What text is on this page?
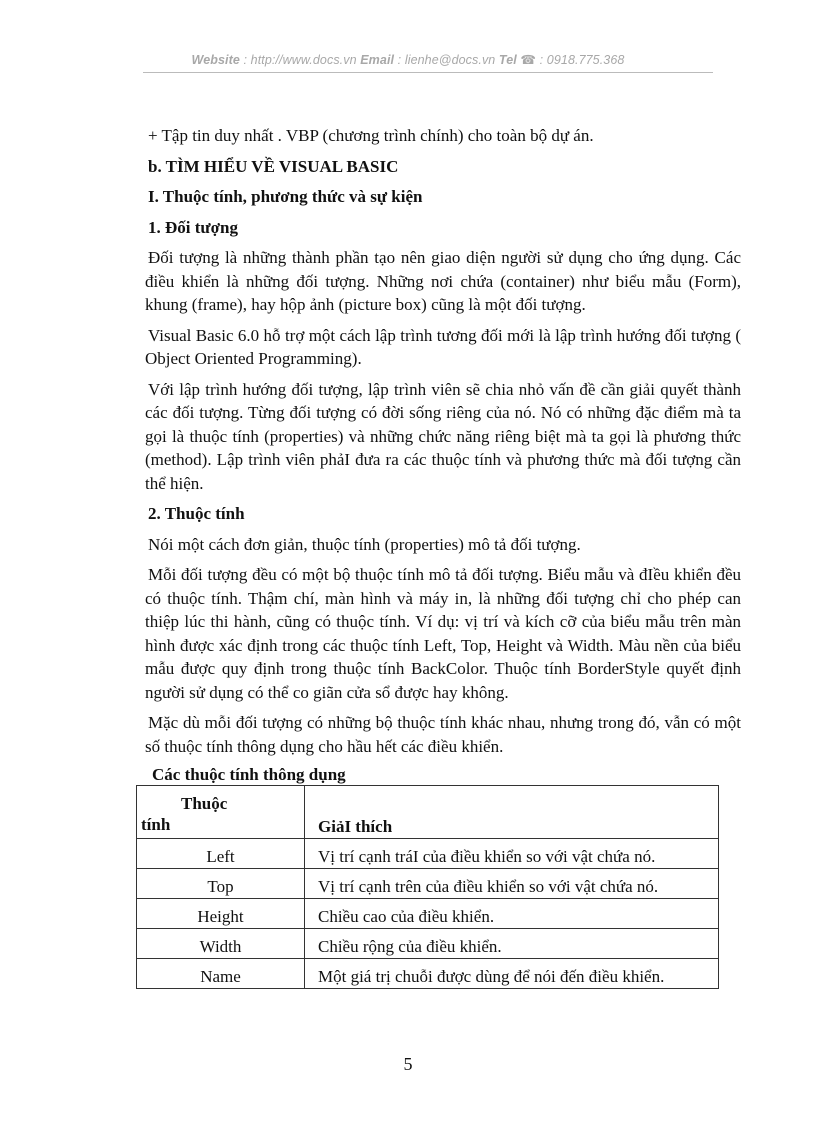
Website : http://www.docs.vn Email : lienhe@docs.vn Tel ☎ : 0918.775.368
+ Tập tin duy nhất . VBP (chương trình chính) cho toàn bộ dự án.
b. TÌM HIỂU VỀ VISUAL BASIC
I. Thuộc tính, phương thức và sự kiện
1. Đối tượng
Đối tượng là những thành phần tạo nên giao diện người sử dụng cho ứng dụng. Các điều khiển là những đối tượng. Những nơi chứa (container) như biểu mẫu (Form), khung (frame), hay hộp ảnh (picture box) cũng là một đối tượng.
Visual Basic 6.0 hỗ trợ một cách lập trình tương đối mới là lập trình hướng đối tượng ( Object Oriented Programming).
Với lập trình hướng đối tượng, lập trình viên sẽ chia nhỏ vấn đề cần giải quyết thành các đối tượng. Từng đối tượng có đời sống riêng của nó. Nó có những đặc điểm mà ta gọi là thuộc tính (properties) và những chức năng riêng biệt mà ta gọi là phương thức (method). Lập trình viên phảI đưa ra các thuộc tính và phương thức mà đối tượng cần thể hiện.
2. Thuộc tính
Nói một cách đơn giản, thuộc tính (properties) mô tả đối tượng.
Mỗi đối tượng đều có một bộ thuộc tính mô tả đối tượng. Biểu mẫu và đIều khiển đều có thuộc tính. Thậm chí, màn hình và máy in, là những đối tượng chỉ cho phép can thiệp lúc thi hành, cũng có thuộc tính. Ví dụ: vị trí và kích cỡ của biểu mẫu trên màn hình được xác định trong các thuộc tính Left, Top, Height và Width. Màu nền của biểu mẫu được quy định trong thuộc tính BackColor. Thuộc tính BorderStyle quyết định người sử dụng có thể co giãn cửa sổ được hay không.
Mặc dù mỗi đối tượng có những bộ thuộc tính khác nhau, nhưng trong đó, vẫn có một số thuộc tính thông dụng cho hầu hết các điều khiển.
Các thuộc tính thông dụng
Thuộc
tính	GiảI thích
Left	Vị trí cạnh tráI của điều khiển so với vật chứa nó.
Top	Vị trí cạnh trên của điều khiển so với vật chứa nó.
Height	Chiều cao của điều khiển.
Width	Chiều rộng của điều khiển.
Name	Một giá trị chuỗi được dùng để nói đến điều khiển.
5
